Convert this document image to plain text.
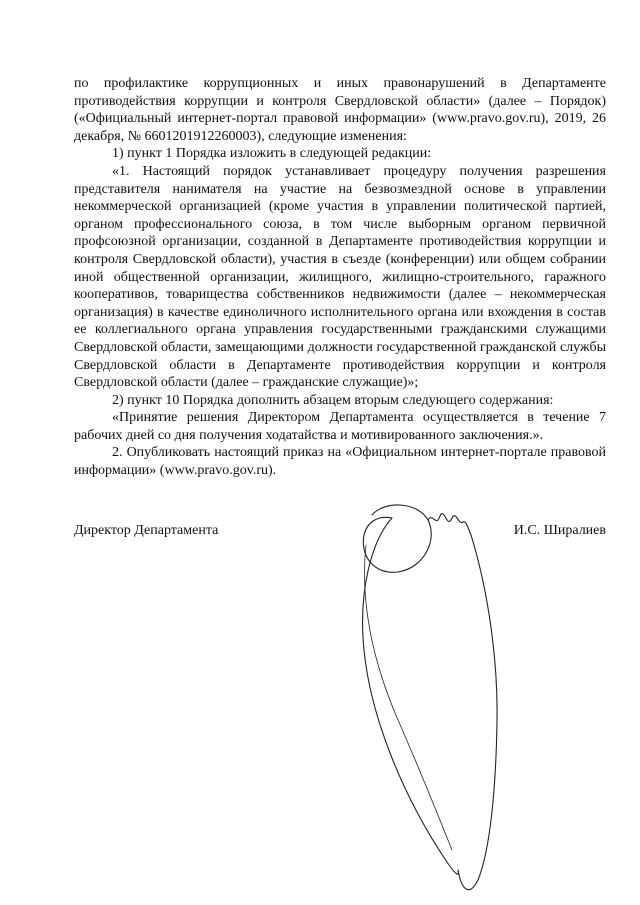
по профилактике коррупционных и иных правонарушений в Департаменте противодействия коррупции и контроля Свердловской области» (далее – Порядок) («Официальный интернет-портал правовой информации» (www.pravo.gov.ru), 2019, 26 декабря, № 6601201912260003), следующие изменения:

1) пункт 1 Порядка изложить в следующей редакции:

«1. Настоящий порядок устанавливает процедуру получения разрешения представителя нанимателя на участие на безвозмездной основе в управлении некоммерческой организацией (кроме участия в управлении политической партией, органом профессионального союза, в том числе выборным органом первичной профсоюзной организации, созданной в Департаменте противодействия коррупции и контроля Свердловской области), участия в съезде (конференции) или общем собрании иной общественной организации, жилищного, жилищно-строительного, гаражного кооперативов, товарищества собственников недвижимости (далее – некоммерческая организация) в качестве единоличного исполнительного органа или вхождения в состав ее коллегиального органа управления государственными гражданскими служащими Свердловской области, замещающими должности государственной гражданской службы Свердловской области в Департаменте противодействия коррупции и контроля Свердловской области (далее – гражданские служащие)»;

2) пункт 10 Порядка дополнить абзацем вторым следующего содержания:

«Принятие решения Директором Департамента осуществляется в течение 7 рабочих дней со дня получения ходатайства и мотивированного заключения.».

2. Опубликовать настоящий приказ на «Официальном интернет-портале правовой информации» (www.pravo.gov.ru).

Директор Департамента	И.С. Ширалиев
